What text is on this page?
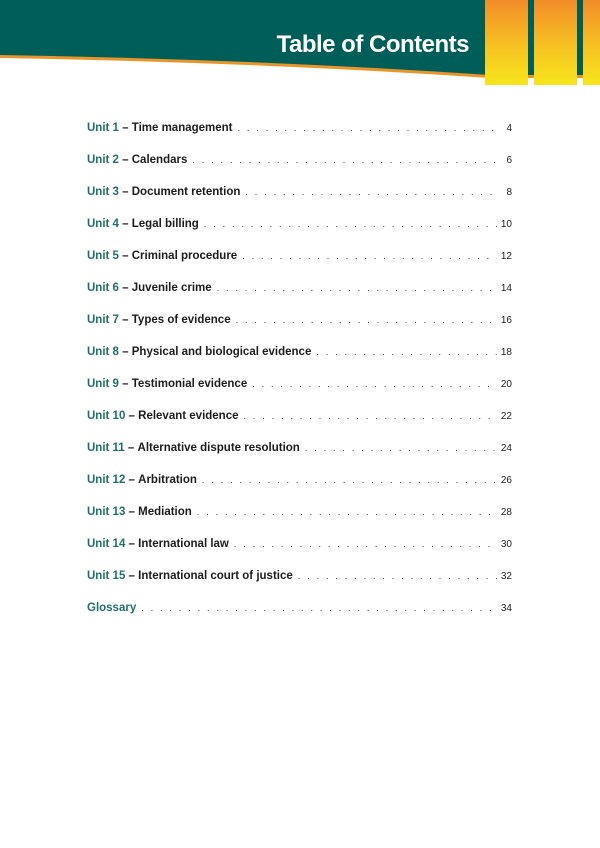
Table of Contents
Unit 1 – Time management . . .	4
Unit 2 – Calendars . . .	6
Unit 3 – Document retention . . .	8
Unit 4 – Legal billing . . .	10
Unit 5 – Criminal procedure . . .	12
Unit 6 – Juvenile crime . . .	14
Unit 7 – Types of evidence . . .	16
Unit 8 – Physical and biological evidence . . .	18
Unit 9 – Testimonial evidence . . .	20
Unit 10 – Relevant evidence . . .	22
Unit 11 – Alternative dispute resolution . . .	24
Unit 12 – Arbitration . . .	26
Unit 13 – Mediation . . .	28
Unit 14 – International law . . .	30
Unit 15 – International court of justice . . .	32
Glossary . . .	34
